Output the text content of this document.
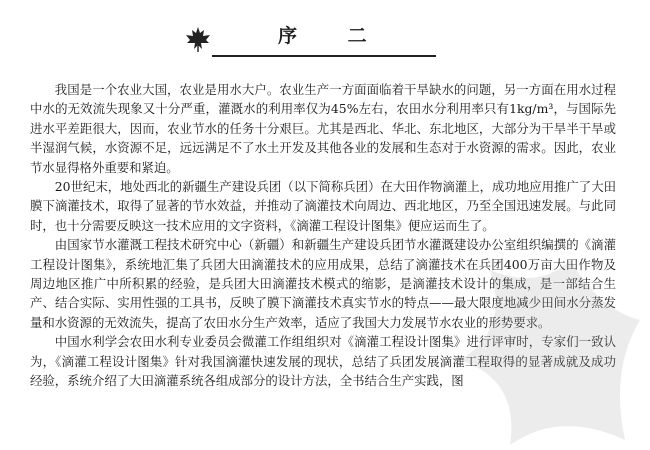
序 二

我国是一个农业大国，农业是用水大户。农业生产一方面面临着干旱缺水的问题，另一方面在用水过程中水的无效流失现象又十分严重，灌溉水的利用率仅为45%左右，农田水分利用率只有1kg/m³，与国际先进水平差距很大，因而，农业节水的任务十分艰巨。尤其是西北、华北、东北地区，大部分为干旱半干旱或半湿润气候，水资源不足，远远满足不了水土开发及其他各业的发展和生态对于水资源的需求。因此，农业节水显得格外重要和紧迫。

20世纪末，地处西北的新疆生产建设兵团（以下简称兵团）在大田作物滴灌上，成功地应用推广了大田膜下滴灌技术，取得了显著的节水效益，并推动了滴灌技术向周边、西北地区，乃至全国迅速发展。与此同时，也十分需要反映这一技术应用的文字资料，《滴灌工程设计图集》便应运而生了。

由国家节水灌溉工程技术研究中心（新疆）和新疆生产建设兵团节水灌溉建设办公室组织编撰的《滴灌工程设计图集》，系统地汇集了兵团大田滴灌技术的应用成果，总结了滴灌技术在兵团400万亩大田作物及周边地区推广中所积累的经验，是兵团大田滴灌技术模式的缩影，是滴灌技术设计的集成，是一部结合生产、结合实际、实用性强的工具书，反映了膜下滴灌技术真实节水的特点——最大限度地减少田间水分蒸发量和水资源的无效流失，提高了农田水分生产效率，适应了我国大力发展节水农业的形势要求。

中国水利学会农田水利专业委员会微灌工作组组织对《滴灌工程设计图集》进行评审时，专家们一致认为，《滴灌工程设计图集》针对我国滴灌快速发展的现状，总结了兵团发展滴灌工程取得的显著成就及成功经验，系统介绍了大田滴灌系统各组成部分的设计方法，全书结合生产实践，图
